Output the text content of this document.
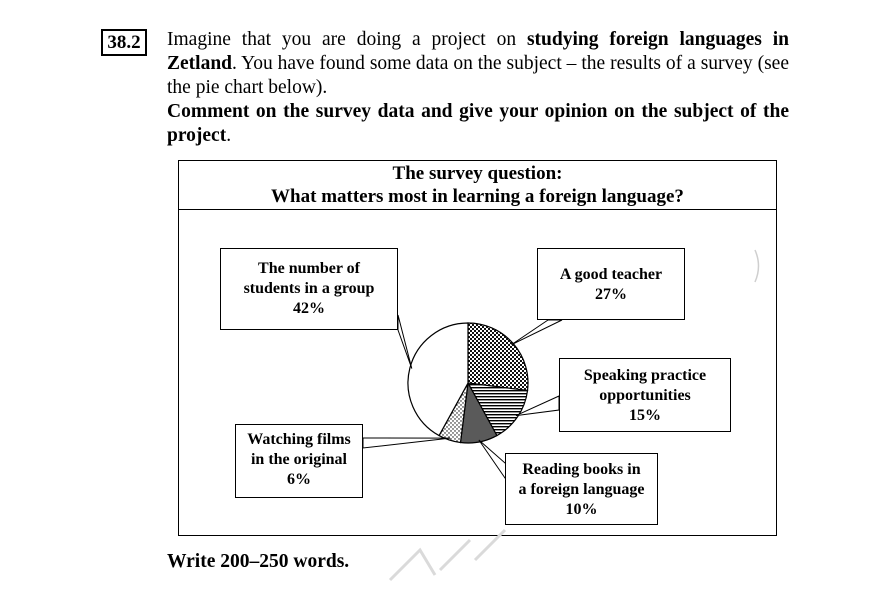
38.2	Imagine that you are doing a project on studying foreign languages in Zetland. You have found some data on the subject – the results of a survey (see the pie chart below).

Comment on the survey data and give your opinion on the subject of the project.

The survey question:
What matters most in learning a foreign language?
The number of
students in a group
42%
A good teacher
27%
Speaking practice
opportunities
15%
Reading books in
a foreign language
10%
Watching films
in the original
6%
Write 200–250 words.
